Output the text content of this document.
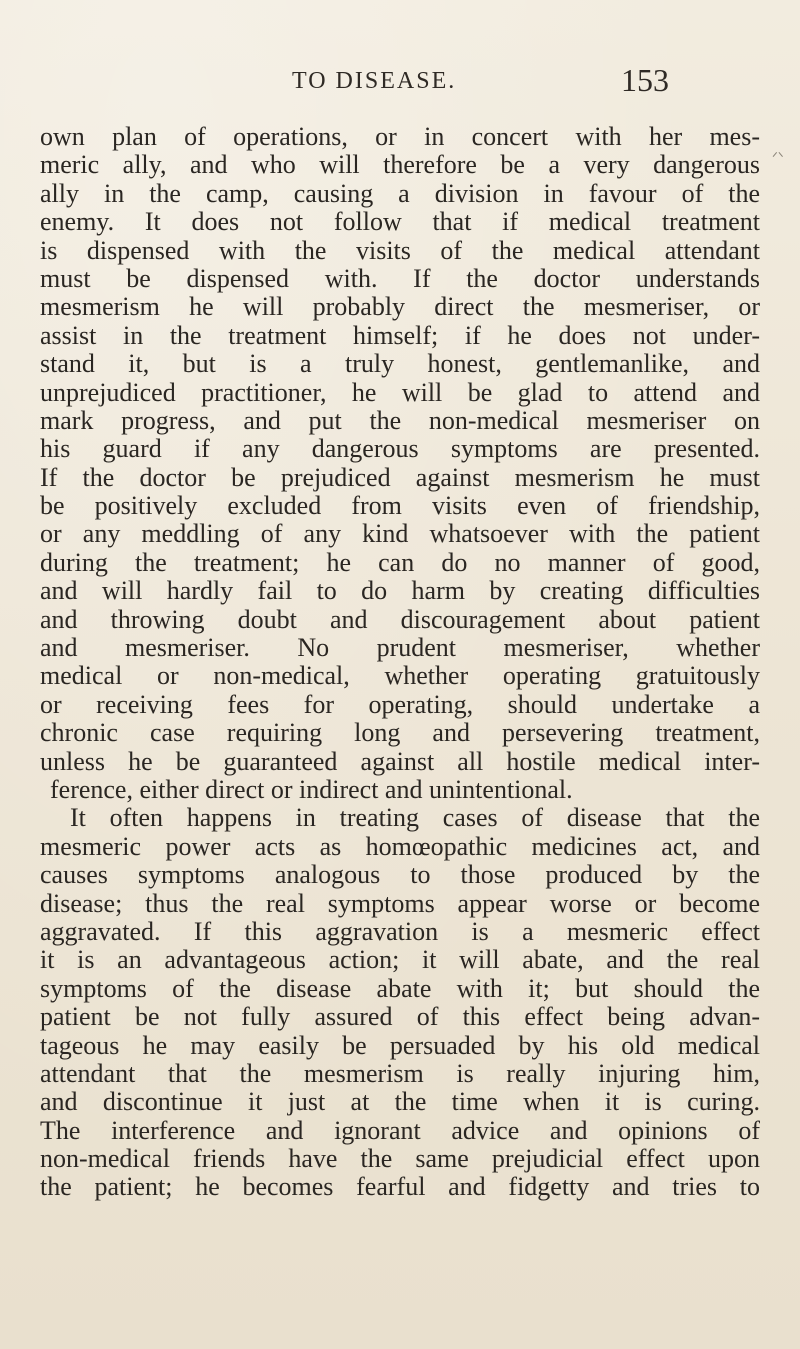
TO DISEASE.	153
ᐟᐠ
own plan of operations, or in concert with her mes-
meric ally, and who will therefore be a very dangerous
ally in the camp, causing a division in favour of the
enemy. It does not follow that if medical treatment
is dispensed with the visits of the medical attendant
must be dispensed with. If the doctor understands
mesmerism he will probably direct the mesmeriser, or
assist in the treatment himself; if he does not under-
stand it, but is a truly honest, gentlemanlike, and
unprejudiced practitioner, he will be glad to attend and
mark progress, and put the non-medical mesmeriser on
his guard if any dangerous symptoms are presented.
If the doctor be prejudiced against mesmerism he must
be positively excluded from visits even of friendship,
or any meddling of any kind whatsoever with the patient
during the treatment; he can do no manner of good,
and will hardly fail to do harm by creating difficulties
and throwing doubt and discouragement about patient
and mesmeriser. No prudent mesmeriser, whether
medical or non-medical, whether operating gratuitously
or receiving fees for operating, should undertake a
chronic case requiring long and persevering treatment,
unless he be guaranteed against all hostile medical inter-
ference, either direct or indirect and unintentional.
It often happens in treating cases of disease that the
mesmeric power acts as homœopathic medicines act, and
causes symptoms analogous to those produced by the
disease; thus the real symptoms appear worse or become
aggravated. If this aggravation is a mesmeric effect
it is an advantageous action; it will abate, and the real
symptoms of the disease abate with it; but should the
patient be not fully assured of this effect being advan-
tageous he may easily be persuaded by his old medical
attendant that the mesmerism is really injuring him,
and discontinue it just at the time when it is curing.
The interference and ignorant advice and opinions of
non-medical friends have the same prejudicial effect upon
the patient; he becomes fearful and fidgetty and tries to
